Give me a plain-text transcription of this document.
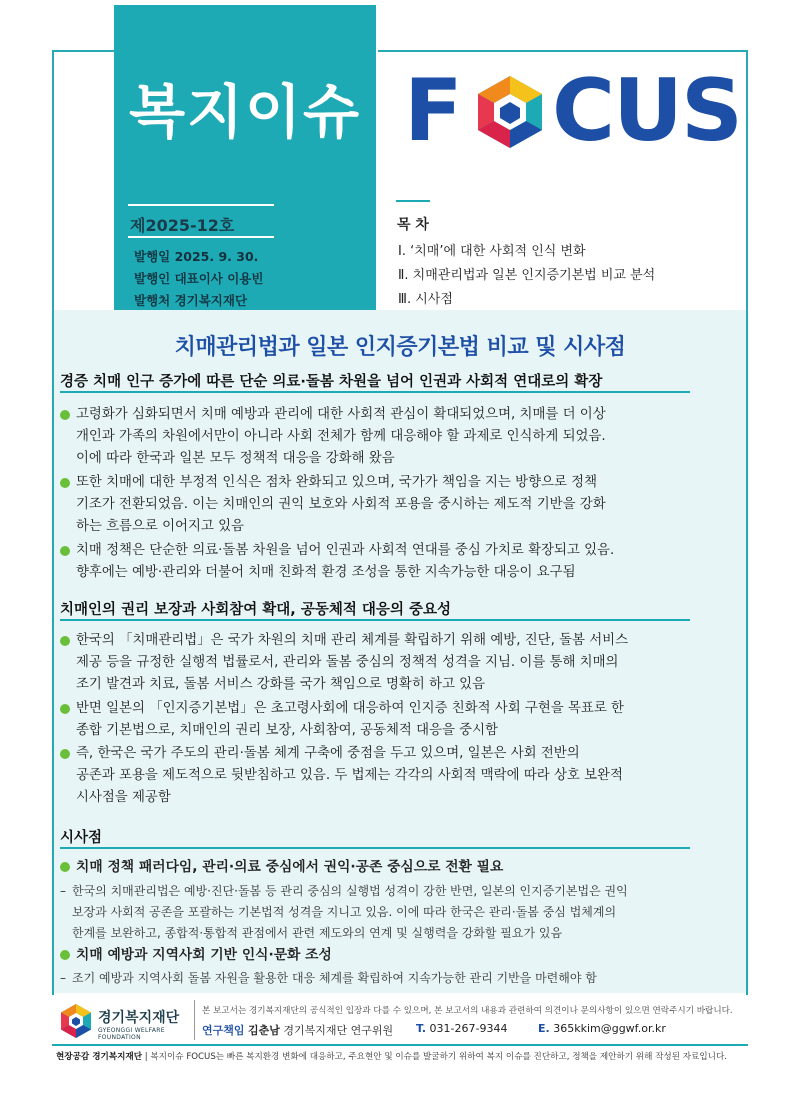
복지이슈
제2025-12호
발행일 2025. 9. 30.
발행인 대표이사 이용빈
발행처 경기복지재단
F CUS
목 차
Ⅰ. ‘치매’에 대한 사회적 인식 변화
Ⅱ. 치매관리법과 일본 인지증기본법 비교 분석
Ⅲ. 시사점
치매관리법과 일본 인지증기본법 비교 및 시사점
경증 치매 인구 증가에 따른 단순 의료·돌봄 차원을 넘어 인권과 사회적 연대로의 확장
고령화가 심화되면서 치매 예방과 관리에 대한 사회적 관심이 확대되었으며, 치매를 더 이상
개인과 가족의 차원에서만이 아니라 사회 전체가 함께 대응해야 할 과제로 인식하게 되었음.
이에 따라 한국과 일본 모두 정책적 대응을 강화해 왔음
또한 치매에 대한 부정적 인식은 점차 완화되고 있으며, 국가가 책임을 지는 방향으로 정책
기조가 전환되었음. 이는 치매인의 권익 보호와 사회적 포용을 중시하는 제도적 기반을 강화
하는 흐름으로 이어지고 있음
치매 정책은 단순한 의료·돌봄 차원을 넘어 인권과 사회적 연대를 중심 가치로 확장되고 있음.
향후에는 예방·관리와 더불어 치매 친화적 환경 조성을 통한 지속가능한 대응이 요구됨
치매인의 권리 보장과 사회참여 확대, 공동체적 대응의 중요성
한국의 「치매관리법」은 국가 차원의 치매 관리 체계를 확립하기 위해 예방, 진단, 돌봄 서비스
제공 등을 규정한 실행적 법률로서, 관리와 돌봄 중심의 정책적 성격을 지님. 이를 통해 치매의
조기 발견과 치료, 돌봄 서비스 강화를 국가 책임으로 명확히 하고 있음
반면 일본의 「인지증기본법」은 초고령사회에 대응하여 인지증 친화적 사회 구현을 목표로 한
종합 기본법으로, 치매인의 권리 보장, 사회참여, 공동체적 대응을 중시함
즉, 한국은 국가 주도의 관리·돌봄 체계 구축에 중점을 두고 있으며, 일본은 사회 전반의
공존과 포용을 제도적으로 뒷받침하고 있음. 두 법제는 각각의 사회적 맥락에 따라 상호 보완적
시사점을 제공함
시사점
치매 정책 패러다임, 관리·의료 중심에서 권익·공존 중심으로 전환 필요
– 한국의 치매관리법은 예방·진단·돌봄 등 관리 중심의 실행법 성격이 강한 반면, 일본의 인지증기본법은 권익
보장과 사회적 공존을 포괄하는 기본법적 성격을 지니고 있음. 이에 따라 한국은 관리·돌봄 중심 법체계의
한계를 보완하고, 종합적·통합적 관점에서 관련 제도와의 연계 및 실행력을 강화할 필요가 있음
치매 예방과 지역사회 기반 인식·문화 조성
– 조기 예방과 지역사회 돌봄 자원을 활용한 대응 체계를 확립하여 지속가능한 관리 기반을 마련해야 함
경기복지재단
GYEONGGI WELFARE FOUNDATION
본 보고서는 경기복지재단의 공식적인 입장과 다를 수 있으며, 본 보고서의 내용과 관련하여 의견이나 문의사항이 있으면 연락주시기 바랍니다.
연구책임 김춘남 경기복지재단 연구위원 T. 031-267-9344	E. 365kkim@ggwf.or.kr
현장공감 경기복지재단 | 복지이슈 FOCUS는 빠른 복지환경 변화에 대응하고, 주요현안 및 이슈를 발굴하기 위하여 복지 이슈를 진단하고, 정책을 제안하기 위해 작성된 자료입니다.
